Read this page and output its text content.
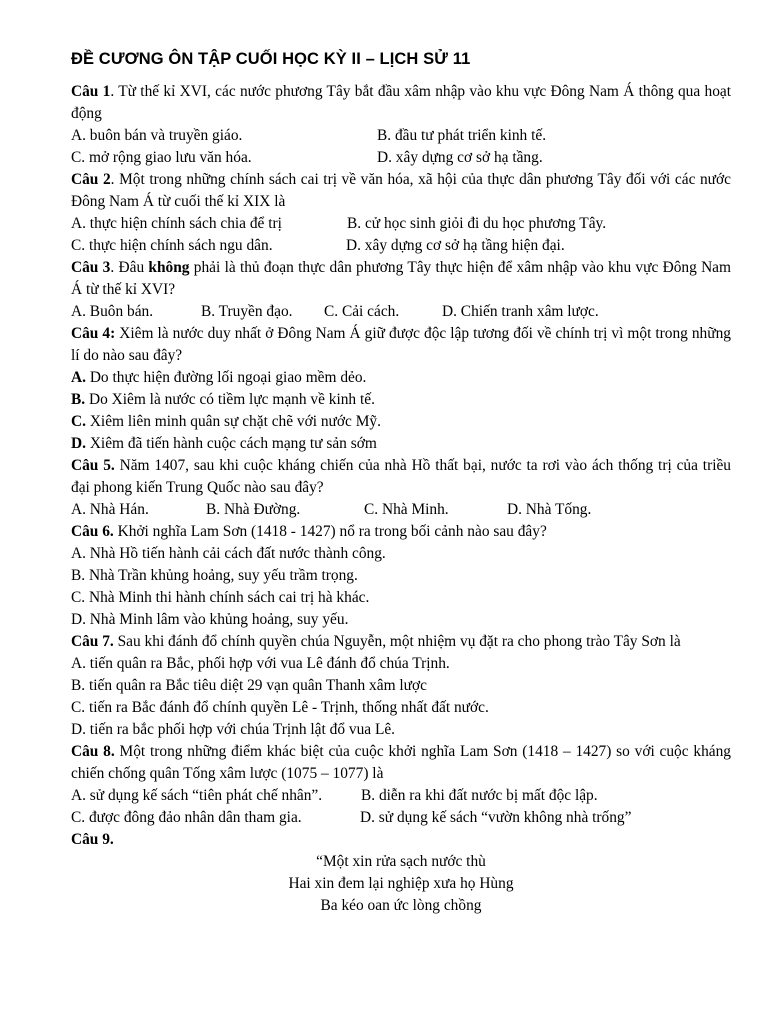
ĐỀ CƯƠNG ÔN TẬP CUỐI HỌC KỲ II – LỊCH SỬ 11
Câu 1. Từ thế kỉ XVI, các nước phương Tây bắt đầu xâm nhập vào khu vực Đông Nam Á thông qua hoạt động
A. buôn bán và truyền giáo.	B. đầu tư phát triển kinh tế.
C. mở rộng giao lưu văn hóa.	D. xây dựng cơ sở hạ tầng.
Câu 2. Một trong những chính sách cai trị về văn hóa, xã hội của thực dân phương Tây đối với các nước Đông Nam Á từ cuối thế kỉ XIX là
A. thực hiện chính sách chia để trị	B. cử học sinh giỏi đi du học phương Tây.
C. thực hiện chính sách ngu dân.	D. xây dựng cơ sở hạ tầng hiện đại.
Câu 3. Đâu không phải là thủ đoạn thực dân phương Tây thực hiện để xâm nhập vào khu vực Đông Nam Á từ thế kỉ XVI?
A. Buôn bán.	B. Truyền đạo. C. Cải cách.	D. Chiến tranh xâm lược.
Câu 4: Xiêm là nước duy nhất ở Đông Nam Á giữ được độc lập tương đối về chính trị vì một trong những lí do nào sau đây?
A. Do thực hiện đường lối ngoại giao mềm dẻo.
B. Do Xiêm là nước có tiềm lực mạnh về kinh tế.
C. Xiêm liên minh quân sự chặt chẽ với nước Mỹ.
D. Xiêm đã tiến hành cuộc cách mạng tư sản sớm
Câu 5. Năm 1407, sau khi cuộc kháng chiến của nhà Hồ thất bại, nước ta rơi vào ách thống trị của triều đại phong kiến Trung Quốc nào sau đây?
A. Nhà Hán.	B. Nhà Đường.	C. Nhà Minh.	D. Nhà Tống.
Câu 6. Khởi nghĩa Lam Sơn (1418 - 1427) nổ ra trong bối cảnh nào sau đây?
A. Nhà Hồ tiến hành cải cách đất nước thành công.
B. Nhà Trần khủng hoảng, suy yếu trầm trọng.
C. Nhà Minh thi hành chính sách cai trị hà khác.
D. Nhà Minh lâm vào khủng hoảng, suy yếu.
Câu 7. Sau khi đánh đổ chính quyền chúa Nguyễn, một nhiệm vụ đặt ra cho phong trào Tây Sơn là
A. tiến quân ra Bắc, phối hợp với vua Lê đánh đổ chúa Trịnh.
B. tiến quân ra Bắc tiêu diệt 29 vạn quân Thanh xâm lược
C. tiến ra Bắc đánh đổ chính quyền Lê - Trịnh, thống nhất đất nước.
D. tiến ra bắc phối hợp với chúa Trịnh lật đổ vua Lê.
Câu 8. Một trong những điểm khác biệt của cuộc khởi nghĩa Lam Sơn (1418 – 1427) so với cuộc kháng chiến chống quân Tống xâm lược (1075 – 1077) là
A. sử dụng kế sách “tiên phát chế nhân”.	B. diễn ra khi đất nước bị mất độc lập.
C. được đông đảo nhân dân tham gia.	D. sử dụng kế sách “vườn không nhà trống”
Câu 9.
“Một xin rửa sạch nước thù
Hai xin đem lại nghiệp xưa họ Hùng
Ba kéo oan ức lòng chồng
